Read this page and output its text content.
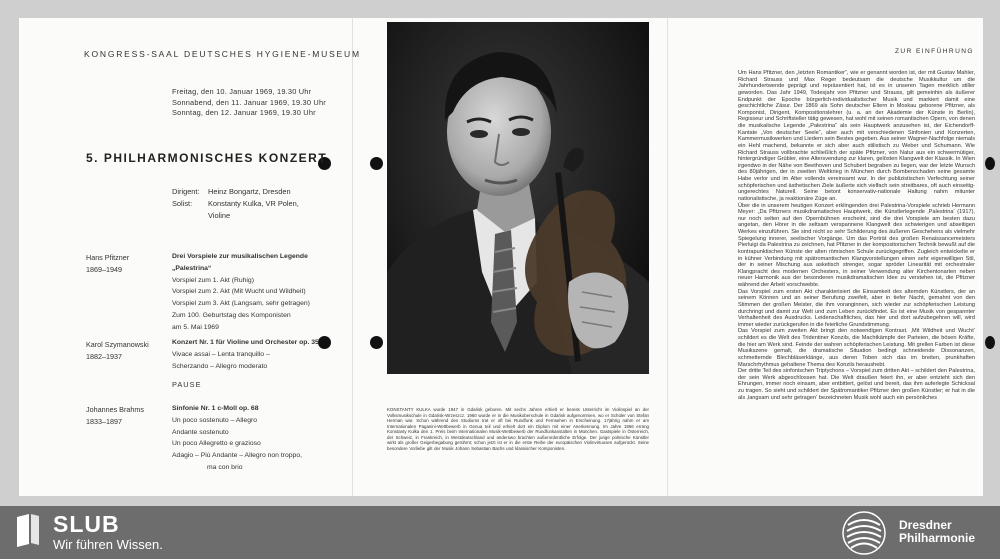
KONGRESS-SAAL DEUTSCHES HYGIENE-MUSEUM
Freitag, den 10. Januar 1969, 19.30 Uhr
Sonnabend, den 11. Januar 1969, 19.30 Uhr
Sonntag, den 12. Januar 1969, 19.30 Uhr
5. PHILHARMONISCHES KONZERT
Dirigent: Heinz Bongartz, Dresden
Solist: Konstanty Kulka, VR Polen,
Violine
Hans Pfitzner
1869–1949
Drei Vorspiele zur musikalischen Legende
„Palestrina“
Vorspiel zum 1. Akt (Ruhig)
Vorspiel zum 2. Akt (Mit Wucht und Wildheit)
Vorspiel zum 3. Akt (Langsam, sehr getragen)
Zum 100. Geburtstag des Komponisten
am 5. Mai 1969
Karol Szymanowski
1882–1937
Konzert Nr. 1 für Violine und Orchester op. 35
Vivace assai – Lenta tranquillo –
Scherzando – Allegro moderato
PAUSE
Johannes Brahms
1833–1897
Sinfonie Nr. 1 c-Moll op. 68
Un poco sostenuto – Allegro
Andante sostenuto
Un poco Allegretto e grazioso
Adagio – Più Andante – Allegro non troppo,
ma con brio
KONSTANTY KULKA wurde 1947 in Gdańsk geboren. Mit sechs Jahren erhielt er bereits Unterricht im Violinspiel an der Volksmusikschule in Gdańsk-Wrzeszcz. 1960 wurde er in die Musikoberschule in Gdańsk aufgenommen, wo er Schüler von Stefan Herman war. Schon während des Studiums trat er oft bei Rundfunk und Fernsehen in Erscheinung. 17jährig nahm er am Internationalen Paganini-Wettbewerb in Genua teil und erhielt dort ein Diplom mit einer Anerkennung. Im Jahre 1966 errang Konstanty Kulka den 1. Preis beim Internationalen Musik-Wettbewerb der Rundfunkanstalten in München. Gastspiele in Österreich, der Schweiz, in Frankreich, in Westdeutschland und anderswo brachten außerordentliche Erfolge. Der junge polnische Künstler wirkt als großer Geigerbegabung gerühmt; schon jetzt ist er in die erste Reihe der europäischen Violinvirtuosen aufgerückt. Seine besondere Vorliebe gilt der Musik Johann Sebastian Bachs und klassischer Komponisten.
ZUR EINFÜHRUNG

Um Hans Pfitzner, den „letzten Romantiker“, wie er genannt worden ist, der mit Gustav Mahler, Richard Strauss und Max Reger bedeutsam die deutsche Musikkultur um die Jahrhundertwende geprägt und repräsentiert hat, ist es in unseren Tagen merklich stiller geworden. Das Jahr 1949, Todesjahr von Pfitzner und Strauss, gilt gemeinhin als äußerer Endpunkt der Epoche bürgerlich-individualistischer Musik und markiert damit eine geschichtliche Zäsur. Der 1869 als Sohn deutscher Eltern in Moskau geborene Pfitzner, als Komponist, Dirigent, Kompositionslehrer (u. a. an der Akademie der Künste in Berlin), Regisseur und Schriftsteller tätig gewesen, hat wohl mit seinen romantischen Opern, von denen die musikalische Legende „Palestrina“ als sein Hauptwerk anzusehen ist, der Eichendorff-Kantate „Von deutscher Seele“, aber auch mit verschiedenen Sinfonien und Konzerten, Kammermusikwerken und Liedern sein Bestes gegeben. Aus seiner Wagner-Nachfolge niemals ein Hehl machend, bekannte er sich aber auch stilistisch zu Weber und Schumann. Wie Richard Strauss vollbrachte schließlich der späte Pfitzner, von Natur aus ein schwermütiger, hintergründiger Grübler, eine Altersvendung zur klaren, gelösten Klangwelt der Klassik. In Wien irgendwo in der Nähe von Beethoven und Schubert begraben zu liegen, war der letzte Wunsch des 80jährigen, der in zweiten Weltkrieg in München durch Bombenschaden seine gesamte Habe verlor und im Alter vollends vereinsamt war. In der publizistischen Verfechtung seiner schöpferischen und ästhetischen Ziele äußerte sich vielfach sein streitbares, oft auch einseitig-ungerechtes Naturell. Seine betont konservativ-nationale Haltung nahm mitunter nationalistische, ja reaktionäre Züge an.

Über die in unserem heutigen Konzert erklingenden drei Palestrina-Vorspiele schrieb Hermann Meyer: „Da Pfitzners musikdramatisches Hauptwerk, die Künstlerlegende ‚Palestrina‘ (1917), nur noch selten auf den Opernbühnen erscheint, sind die drei Vorspiele am besten dazu angetan, den Hörer in die seltsam verspannene Klangwelt des schwierigen und abseitigen Werkes einzuführen. Sie sind nicht so sehr Schilderung des äußeren Geschehens als vielmehr Spiegelung innerer, seelischer Vorgänge. Um das Porträt des großen Renaissancemeisters Pierluigi da Palestrina zu zeichnen, hat Pfitzner in der kompositorischen Technik bewußt auf die kontrapunktischen Künste der alten römischen Schule zurückgegriffen. Zugleich entwickelte er in kühner Verbindung mit spätromantischen Klangvorstellungen einen sehr eigenwilligen Stil, der in seiner Mischung aus asketisch strenger, sogar spröder Linearität mit orchestraler Klangpracht des modernen Orchesters, in seiner Verwendung alter Kirchentonarten neben neuer Harmonik aus der besonderen musikdramatischen Idee zu verstehen ist, die Pfitzner während der Arbeit vorschwebte.

Das Vorspiel zum ersten Akt charakterisiert die Einsamkeit des alternden Künstlers, der an seinem Können und an seiner Berufung zweifelt, aber in tiefer Nacht, gemahnt von den Stimmen der großen Meister, die ihm voranginnen, sich wieder zur schöpferischen Leistung durchringt und damit zur Welt und zum Leben zurückfindet. Es ist eine Musik von gespannter Verhaltenheit des Ausdrucks. Leidenschaftliches, das hier und dort aufzubegehren will, wird immer wieder zurückgerufen in die feierliche Grundstimmung.

Das Vorspiel zum zweiten Akt bringt den notwendigen Kontrast. ‚Mit Wildheit und Wucht‘ schildert es die Welt des Tridentiner Konzils, die Machtkämpfe der Parteien, die bösen Kräfte, die hier am Werk sind. Feinde der wahren schöpferischen Leistung. Mit grellen Farben ist diese Musikszene gemalt, die dramatische Situation bedingt schneidende Dissonanzen, schmetternde Blechbläserklänge, aus deren Toben sich das im breiten, prunkhaften Marschrhythmus gehaltene Thema des Konzils heraushebt.

Der dritte Teil des sinfonischen Triptychons – Vorspiel zum dritten Akt – schildert den Palestrina, der sein Werk abgeschlossen hat. Die Welt draußen feiert ihn, er aber entzieht sich den Ehrungen, immer noch einsam, aber entbittert, gelöst und bereit, das ihm auferlegte Schicksal zu tragen. So sieht und schildert der Spätromantiker Pfitzner den großen Künstler; er hat in die als ‚langsam und sehr getragen‘ bezeichneten Musik wohl auch ein persönliches

SLUB
Wir führen Wissen.
Dresdner
Philharmonie
